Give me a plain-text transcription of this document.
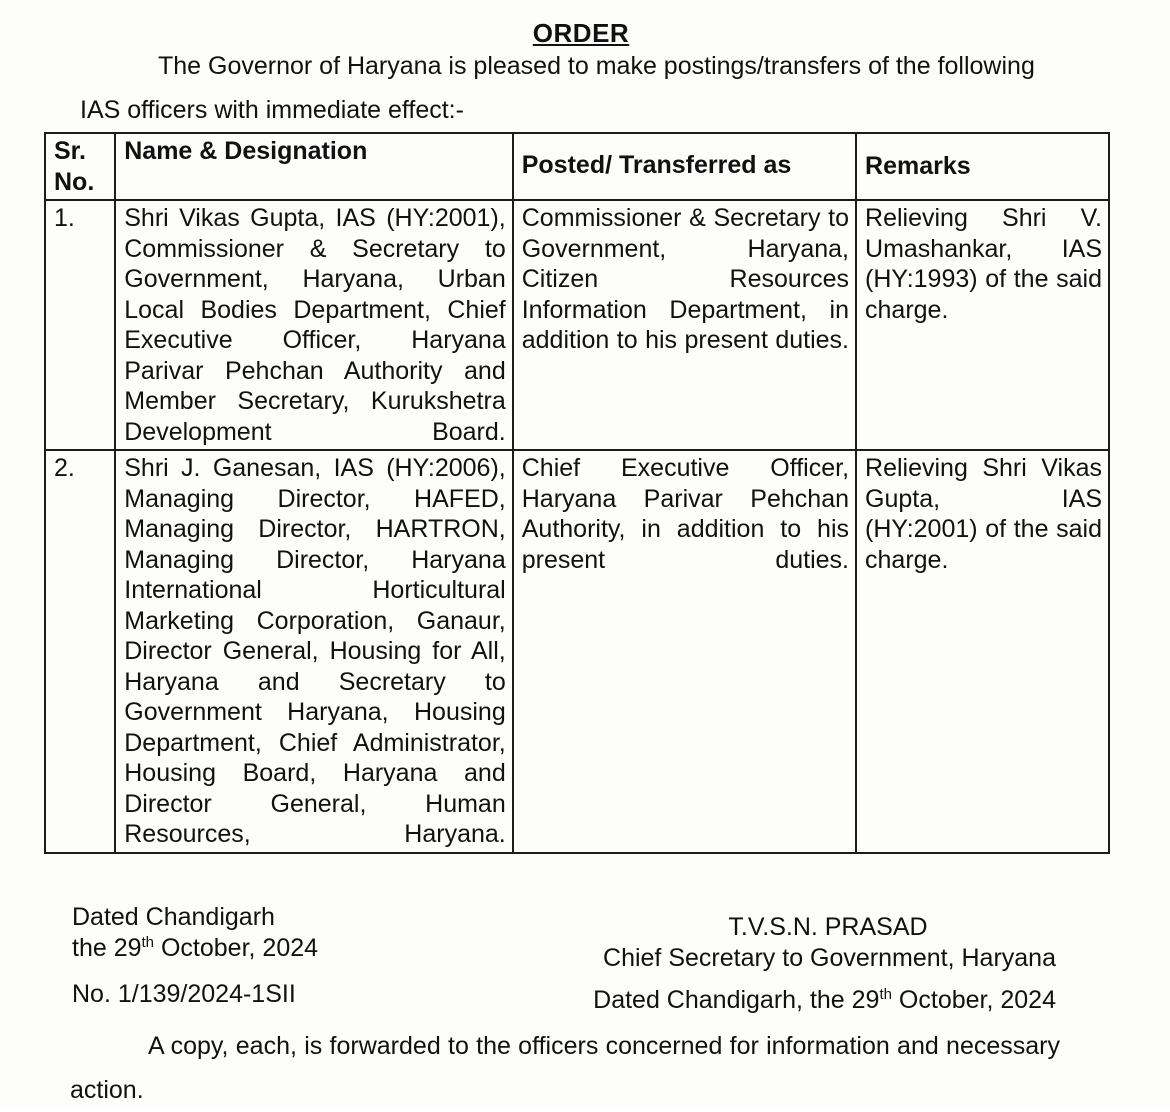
ORDER
The Governor of Haryana is pleased to make postings/transfers of the following IAS officers with immediate effect:-
Sr. No.	Name & Designation	Posted/ Transferred as	Remarks
1.	Shri Vikas Gupta, IAS (HY:2001), Commissioner & Secretary to Government, Haryana, Urban Local Bodies Department, Chief Executive Officer, Haryana Parivar Pehchan Authority and Member Secretary, Kurukshetra Development Board.	Commissioner & Secretary to Government, Haryana, Citizen Resources Information Department, in addition to his present duties.	Relieving Shri V. Umashankar, IAS (HY:1993) of the said charge.
2.	Shri J. Ganesan, IAS (HY:2006), Managing Director, HAFED, Managing Director, HARTRON, Managing Director, Haryana International Horticultural Marketing Corporation, Ganaur, Director General, Housing for All, Haryana and Secretary to Government Haryana, Housing Department, Chief Administrator, Housing Board, Haryana and Director General, Human Resources, Haryana.	Chief Executive Officer, Haryana Parivar Pehchan Authority, in addition to his present duties.	Relieving Shri Vikas Gupta, IAS (HY:2001) of the said charge.
Dated Chandigarh
the 29th October, 2024
T.V.S.N. PRASAD
Chief Secretary to Government, Haryana
No. 1/139/2024-1SII	Dated Chandigarh, the 29th October, 2024
A copy, each, is forwarded to the officers concerned for information and necessary action.
